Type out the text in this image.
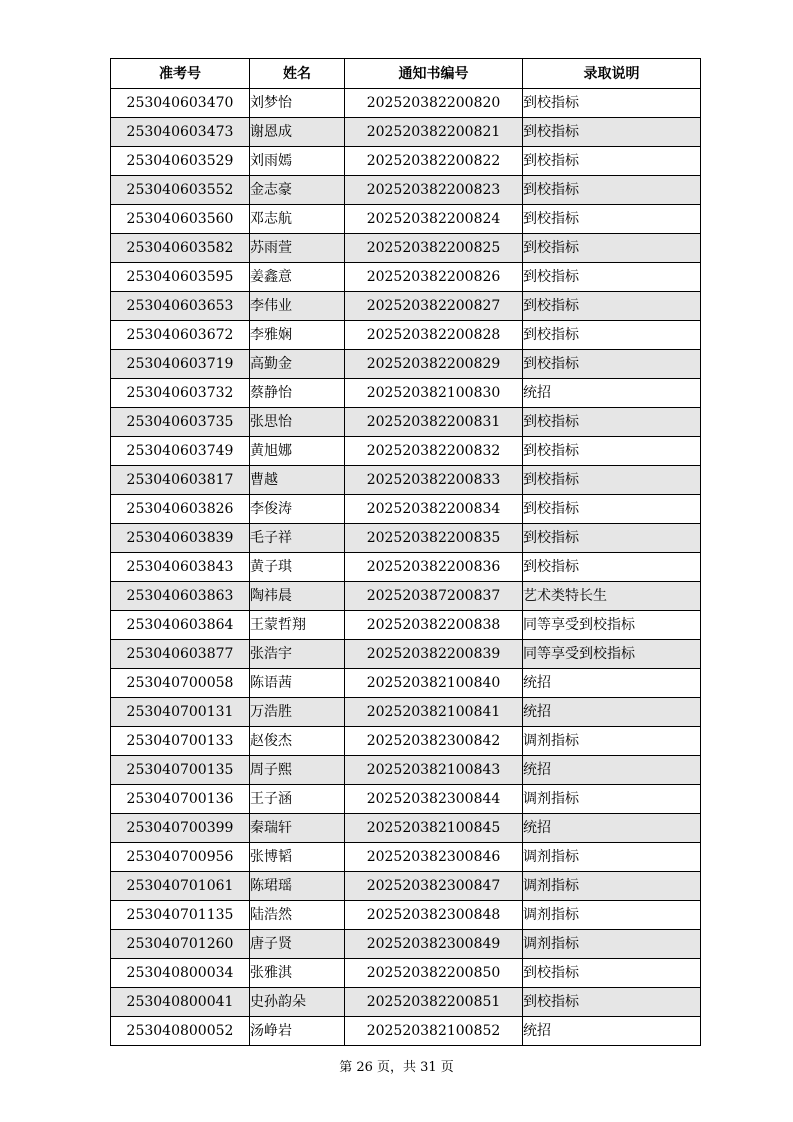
准考号	姓名	通知书编号	录取说明
253040603470	刘梦怡	202520382200820	到校指标
253040603473	谢恩成	202520382200821	到校指标
253040603529	刘雨嫣	202520382200822	到校指标
253040603552	金志豪	202520382200823	到校指标
253040603560	邓志航	202520382200824	到校指标
253040603582	苏雨萱	202520382200825	到校指标
253040603595	姜鑫意	202520382200826	到校指标
253040603653	李伟业	202520382200827	到校指标
253040603672	李雅娴	202520382200828	到校指标
253040603719	高勤金	202520382200829	到校指标
253040603732	蔡静怡	202520382100830	统招
253040603735	张思怡	202520382200831	到校指标
253040603749	黄旭娜	202520382200832	到校指标
253040603817	曹越	202520382200833	到校指标
253040603826	李俊涛	202520382200834	到校指标
253040603839	毛子祥	202520382200835	到校指标
253040603843	黄子琪	202520382200836	到校指标
253040603863	陶祎晨	202520387200837	艺术类特长生
253040603864	王蒙哲翔	202520382200838	同等享受到校指标
253040603877	张浩宇	202520382200839	同等享受到校指标
253040700058	陈语茜	202520382100840	统招
253040700131	万浩胜	202520382100841	统招
253040700133	赵俊杰	202520382300842	调剂指标
253040700135	周子熙	202520382100843	统招
253040700136	王子涵	202520382300844	调剂指标
253040700399	秦瑞轩	202520382100845	统招
253040700956	张博韬	202520382300846	调剂指标
253040701061	陈珺瑶	202520382300847	调剂指标
253040701135	陆浩然	202520382300848	调剂指标
253040701260	唐子贤	202520382300849	调剂指标
253040800034	张雅淇	202520382200850	到校指标
253040800041	史孙韵朵	202520382200851	到校指标
253040800052	汤峥岩	202520382100852	统招
第 26 页，共 31 页
